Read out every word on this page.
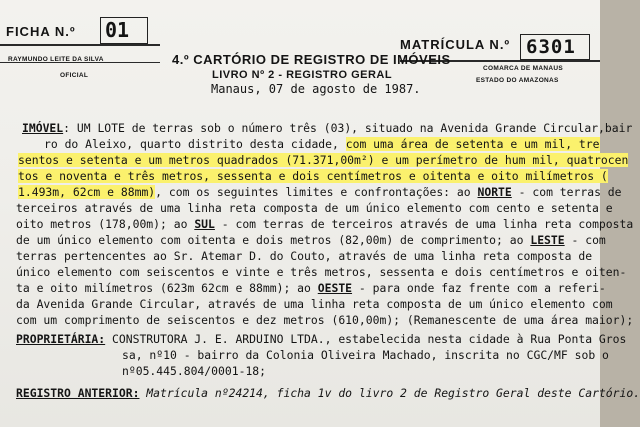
FICHA N.º 01
MATRÍCULA N.º 6301
RAYMUNDO LEITE DA SILVA
OFICIAL
4.º CARTÓRIO DE REGISTRO DE IMÓVEIS
LIVRO Nº 2 - REGISTRO GERAL
COMARCA DE MANAUS
ESTADO DO AMAZONAS
Manaus, 07 de agosto de 1987.
IMÓVEL: UM LOTE de terras sob o número três (03), situado na Avenida Grande Circular,bair
ro do Aleixo, quarto distrito desta cidade, com uma área de setenta e um mil, tre
sentos e setenta e um metros quadrados (71.371,00m²) e um perímetro de hum mil, quatrocen
tos e noventa e três metros, sessenta e dois centímetros e oitenta e oito milímetros (
1.493m, 62cm e 88mm), com os seguintes limites e confrontações: ao NORTE - com terras de
terceiros através de uma linha reta composta de um único elemento com cento e setenta e
oito metros (178,00m); ao SUL - com terras de terceiros através de uma linha reta composta
de um único elemento com oitenta e dois metros (82,00m) de comprimento; ao LESTE - com
terras pertencentes ao Sr. Atemar D. do Couto, através de uma linha reta composta de
único elemento com seiscentos e vinte e três metros, sessenta e dois centímetros e oiten-
ta e oito milímetros (623m 62cm e 88mm); ao OESTE - para onde faz frente com a referi-
da Avenida Grande Circular, através de uma linha reta composta de um único elemento com
com um comprimento de seiscentos e dez metros (610,00m); (Remanescente de uma área maior);
PROPRIETÁRIA: CONSTRUTORA J. E. ARDUINO LTDA., estabelecida nesta cidade à Rua Ponta Gros
sa, nº10 - bairro da Colonia Oliveira Machado, inscrita no CGC/MF sob o
nº05.445.804/0001-18;
REGISTRO ANTERIOR: Matrícula nº24214, ficha 1v do livro 2 de Registro Geral deste Cartório.
